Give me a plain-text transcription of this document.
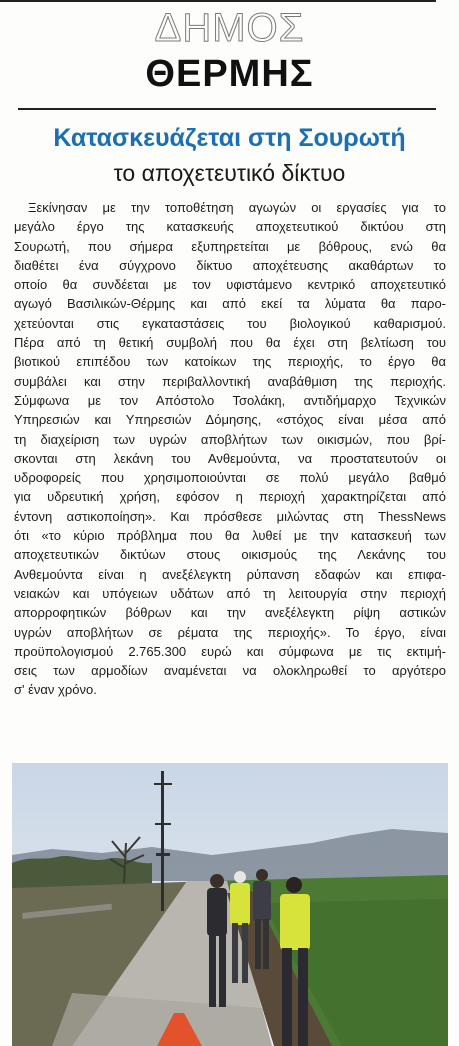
ΔΗΜΟΣ
ΘΕΡΜΗΣ
Κατασκευάζεται στη Σουρωτή
το αποχετευτικό δίκτυο
Ξεκίνησαν με την τοποθέτηση αγωγών οι εργασίες για το
μεγάλο έργο της κατασκευής αποχετευτικού δικτύου στη
Σουρωτή, που σήμερα εξυπηρετείται με βόθρους, ενώ θα
διαθέτει ένα σύγχρονο δίκτυο αποχέτευσης ακαθάρτων το
οποίο θα συνδέεται με τον υφιστάμενο κεντρικό αποχετευτικό
αγωγό Βασιλικών-Θέρμης και από εκεί τα λύματα θα παρο-
χετεύονται στις εγκαταστάσεις του βιολογικού καθαρισμού.
Πέρα από τη θετική συμβολή που θα έχει στη βελτίωση του
βιοτικού επιπέδου των κατοίκων της περιοχής, το έργο θα
συμβάλει και στην περιβαλλοντική αναβάθμιση της περιοχής.
Σύμφωνα με τον Απόστολο Τσολάκη, αντιδήμαρχο Τεχνικών
Υπηρεσιών και Υπηρεσιών Δόμησης, «στόχος είναι μέσα από
τη διαχείριση των υγρών αποβλήτων των οικισμών, που βρί-
σκονται στη λεκάνη του Ανθεμούντα, να προστατευτούν οι
υδροφορείς που χρησιμοποιούνται σε πολύ μεγάλο βαθμό
για υδρευτική χρήση, εφόσον η περιοχή χαρακτηρίζεται από
έντονη αστικοποίηση». Και πρόσθεσε μιλώντας στη ThessNews
ότι «το κύριο πρόβλημα που θα λυθεί με την κατασκευή των
αποχετευτικών δικτύων στους οικισμούς της Λεκάνης του
Ανθεμούντα είναι η ανεξέλεγκτη ρύπανση εδαφών και επιφα-
νειακών και υπόγειων υδάτων από τη λειτουργία στην περιοχή
απορροφητικών βόθρων και την ανεξέλεγκτη ρίψη αστικών
υγρών αποβλήτων σε ρέματα της περιοχής». Το έργο, είναι
προϋπολογισμού 2.765.300 ευρώ και σύμφωνα με τις εκτιμή-
σεις των αρμοδίων αναμένεται να ολοκληρωθεί το αργότερο
σ' έναν χρόνο.
